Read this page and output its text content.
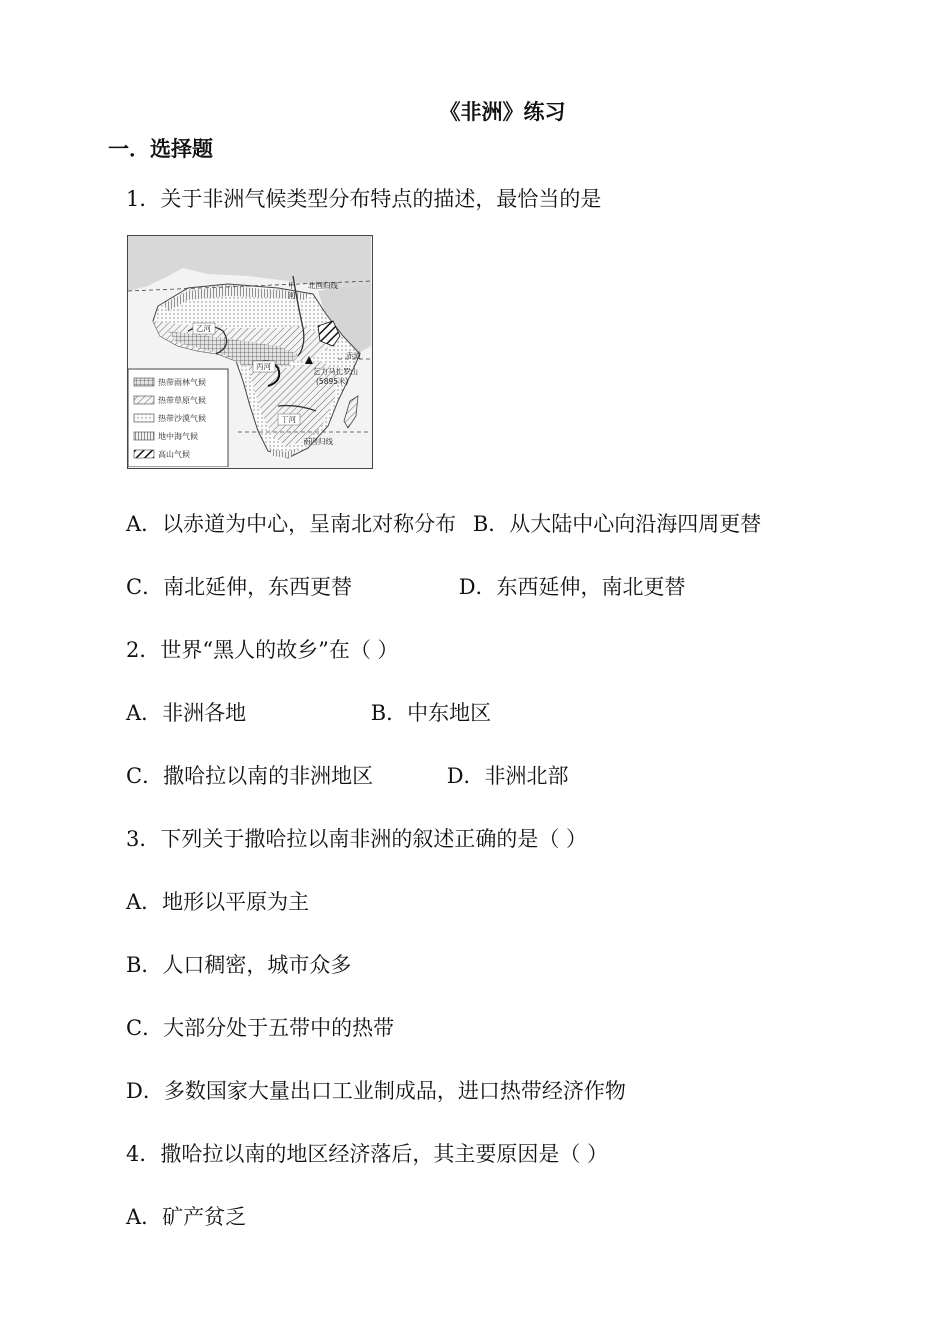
《非洲》练习
一．选择题
1．关于非洲气候类型分布特点的描述，最恰当的是
甲
河
北回归线
乙河
赤道
丙河
乞力马扎罗山
(5895米)
丁河
南回归线
热带雨林气候
热带草原气候
热带沙漠气候
地中海气候
高山气候
A．以赤道为中心，呈南北对称分布 B．从大陆中心向沿海四周更替
C．南北延伸，东西更替	D．东西延伸，南北更替
2．世界“黑人的故乡”在（ ）
A．非洲各地	B．中东地区
C．撒哈拉以南的非洲地区	D．非洲北部
3．下列关于撒哈拉以南非洲的叙述正确的是（ ）
A．地形以平原为主
B．人口稠密，城市众多
C．大部分处于五带中的热带
D．多数国家大量出口工业制成品，进口热带经济作物
4．撒哈拉以南的地区经济落后，其主要原因是（ ）
A．矿产贫乏
